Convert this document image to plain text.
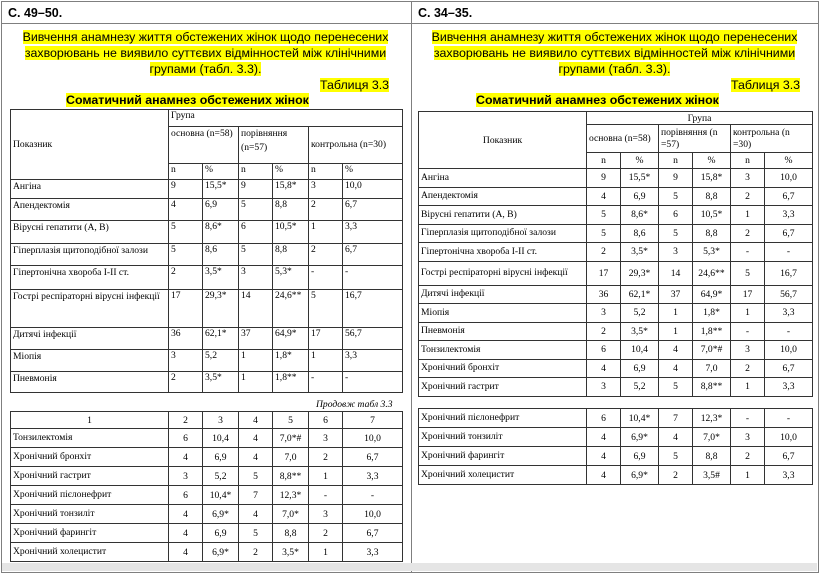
С. 49–50.	С. 34–35.
Вивчення анамнезу життя обстежених жінок щодо перенесених захворювань не виявило суттєвих відмінностей між клінічними групами (табл. 3.3).
Таблиця 3.3
Соматичний анамнез обстежених жінок
Показник	Група					
	основна (n=58)		порівняння (n=57)		контрольна (n=30)	
	n	%	n	%	n	%
Ангіна	9	15,5*	9	15,8*	3	10,0
Апендектомія	4	6,9	5	8,8	2	6,7
Вірусні гепатити (А, В)	5	8,6*	6	10,5*	1	3,3
Гіперплазія щитоподібної залози	5	8,6	5	8,8	2	6,7
Гіпертонічна хвороба I-II ст.	2	3,5*	3	5,3*	-	-
Гострі респіраторні вірусні інфекції	17	29,3*	14	24,6**	5	16,7
Дитячі інфекції	36	62,1*	37	64,9*	17	56,7
Міопія	3	5,2	1	1,8*	1	3,3
Пневмонія	2	3,5*	1	1,8**	-	-
Продовж табл 3.3
1	2	3	4	5	6	7
Тонзилектомія	6	10,4	4	7,0*#	3	10,0
Хронічний бронхіт	4	6,9	4	7,0	2	6,7
Хронічний гастрит	3	5,2	5	8,8**	1	3,3
Хронічний пієлонефрит	6	10,4*	7	12,3*	-	-
Хронічний тонзиліт	4	6,9*	4	7,0*	3	10,0
Хронічний фарингіт	4	6,9	5	8,8	2	6,7
Хронічний холецистит	4	6,9*	2	3,5*	1	3,3
Вивчення анамнезу життя обстежених жінок щодо перенесених захворювань не виявило суттєвих відмінностей між клінічними групами (табл. 3.3).
Таблиця 3.3
Соматичний анамнез обстежених жінок
Показник	Група					
	основна (n=58)		порівняння (n =57)		контрольна (n =30)	
	n	%	n	%	n	%
Ангіна	9	15,5*	9	15,8*	3	10,0
Апендектомія	4	6,9	5	8,8	2	6,7
Вірусні гепатити (А, В)	5	8,6*	6	10,5*	1	3,3
Гіперплазія щитоподібної залози	5	8,6	5	8,8	2	6,7
Гіпертонічна хвороба I-II ст.	2	3,5*	3	5,3*	-	-
Гострі респіраторні вірусні інфекції	17	29,3*	14	24,6**	5	16,7
Дитячі інфекції	36	62,1*	37	64,9*	17	56,7
Міопія	3	5,2	1	1,8*	1	3,3
Пневмонія	2	3,5*	1	1,8**	-	-
Тонзилектомія	6	10,4	4	7,0*#	3	10,0
Хронічний бронхіт	4	6,9	4	7,0	2	6,7
Хронічний гастрит	3	5,2	5	8,8**	1	3,3
Хронічний пієлонефрит	6	10,4*	7	12,3*	-	-
Хронічний тонзиліт	4	6,9*	4	7,0*	3	10,0
Хронічний фарингіт	4	6,9	5	8,8	2	6,7
Хронічний холецистит	4	6,9*	2	3,5#	1	3,3
